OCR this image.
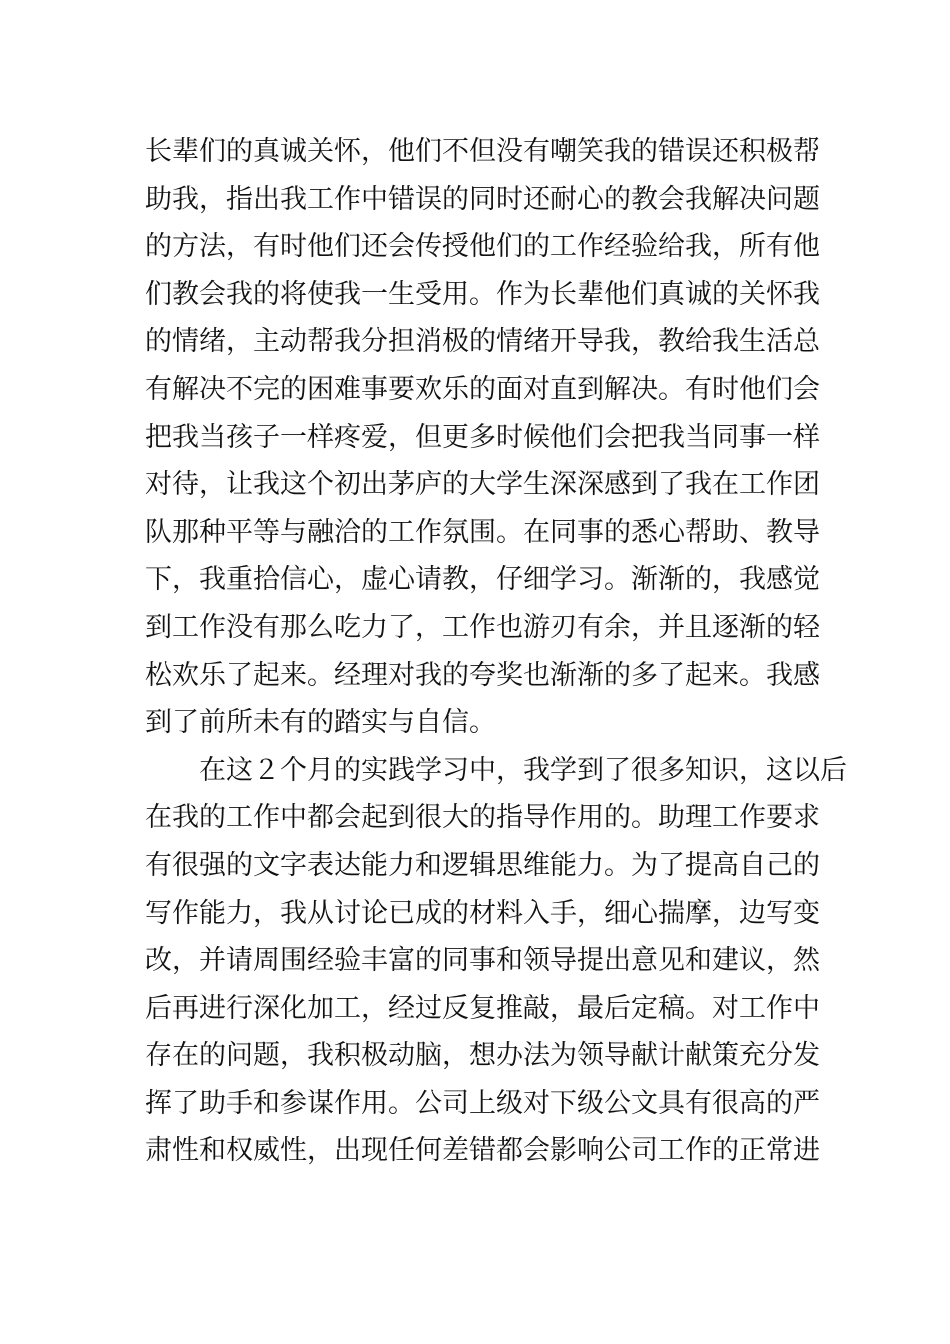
长辈们的真诚关怀，他们不但没有嘲笑我的错误还积极帮
助我，指出我工作中错误的同时还耐心的教会我解决问题
的方法，有时他们还会传授他们的工作经验给我，所有他
们教会我的将使我一生受用。作为长辈他们真诚的关怀我
的情绪，主动帮我分担消极的情绪开导我，教给我生活总
有解决不完的困难事要欢乐的面对直到解决。有时他们会
把我当孩子一样疼爱，但更多时候他们会把我当同事一样
对待，让我这个初出茅庐的大学生深深感到了我在工作团
队那种平等与融洽的工作氛围。在同事的悉心帮助、教导
下，我重拾信心，虚心请教，仔细学习。渐渐的，我感觉
到工作没有那么吃力了，工作也游刃有余，并且逐渐的轻
松欢乐了起来。经理对我的夸奖也渐渐的多了起来。我感
到了前所未有的踏实与自信。
在这２个月的实践学习中，我学到了很多知识，这以后
在我的工作中都会起到很大的指导作用的。助理工作要求
有很强的文字表达能力和逻辑思维能力。为了提高自己的
写作能力，我从讨论已成的材料入手，细心揣摩，边写变
改，并请周围经验丰富的同事和领导提出意见和建议，然
后再进行深化加工，经过反复推敲，最后定稿。对工作中
存在的问题，我积极动脑，想办法为领导献计献策充分发
挥了助手和参谋作用。公司上级对下级公文具有很高的严
肃性和权威性，出现任何差错都会影响公司工作的正常进
